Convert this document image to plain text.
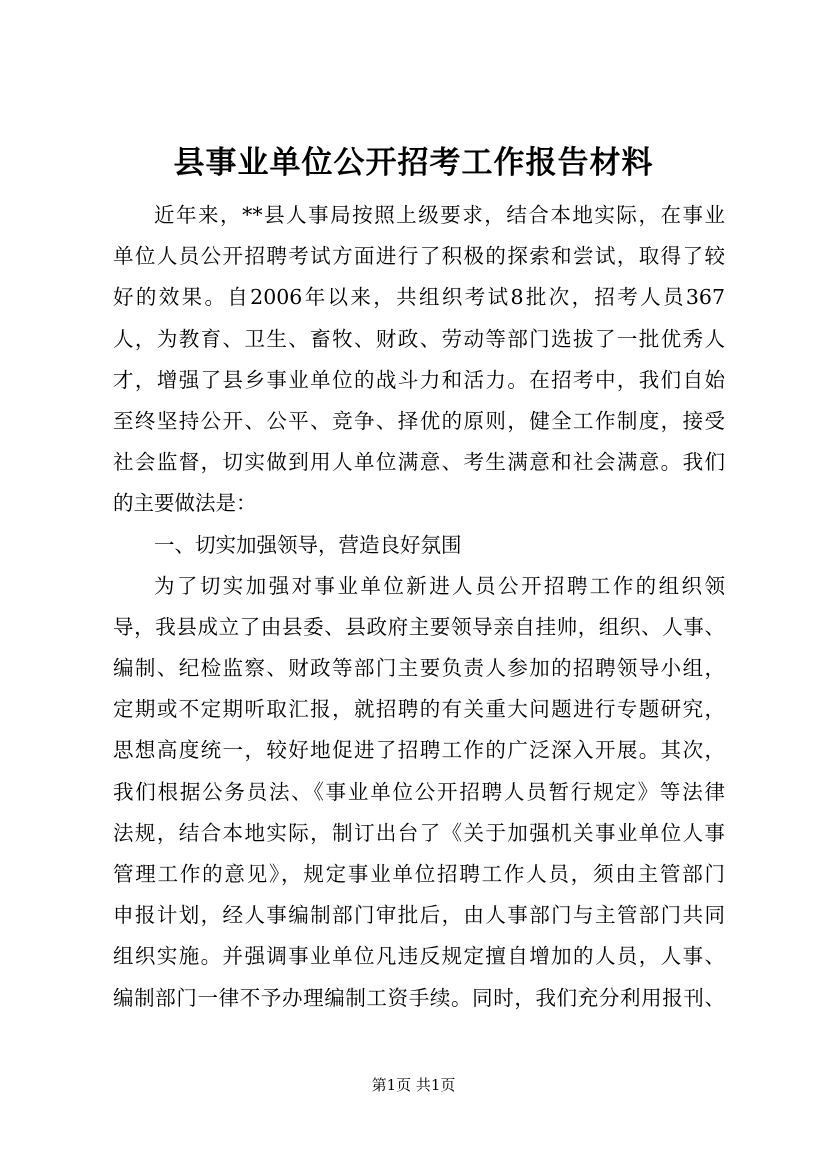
县事业单位公开招考工作报告材料
近年来，**县人事局按照上级要求，结合本地实际，在事业
单位人员公开招聘考试方面进行了积极的探索和尝试，取得了较
好的效果。自2006年以来，共组织考试8批次，招考人员367
人，为教育、卫生、畜牧、财政、劳动等部门选拔了一批优秀人
才，增强了县乡事业单位的战斗力和活力。在招考中，我们自始
至终坚持公开、公平、竞争、择优的原则，健全工作制度，接受
社会监督，切实做到用人单位满意、考生满意和社会满意。我们
的主要做法是：
一、切实加强领导，营造良好氛围
为了切实加强对事业单位新进人员公开招聘工作的组织领
导，我县成立了由县委、县政府主要领导亲自挂帅，组织、人事、
编制、纪检监察、财政等部门主要负责人参加的招聘领导小组，
定期或不定期听取汇报，就招聘的有关重大问题进行专题研究，
思想高度统一，较好地促进了招聘工作的广泛深入开展。其次，
我们根据公务员法、《事业单位公开招聘人员暂行规定》等法律
法规，结合本地实际，制订出台了《关于加强机关事业单位人事
管理工作的意见》，规定事业单位招聘工作人员，须由主管部门
申报计划，经人事编制部门审批后，由人事部门与主管部门共同
组织实施。并强调事业单位凡违反规定擅自增加的人员，人事、
编制部门一律不予办理编制工资手续。同时，我们充分利用报刊、
第1页 共1页
